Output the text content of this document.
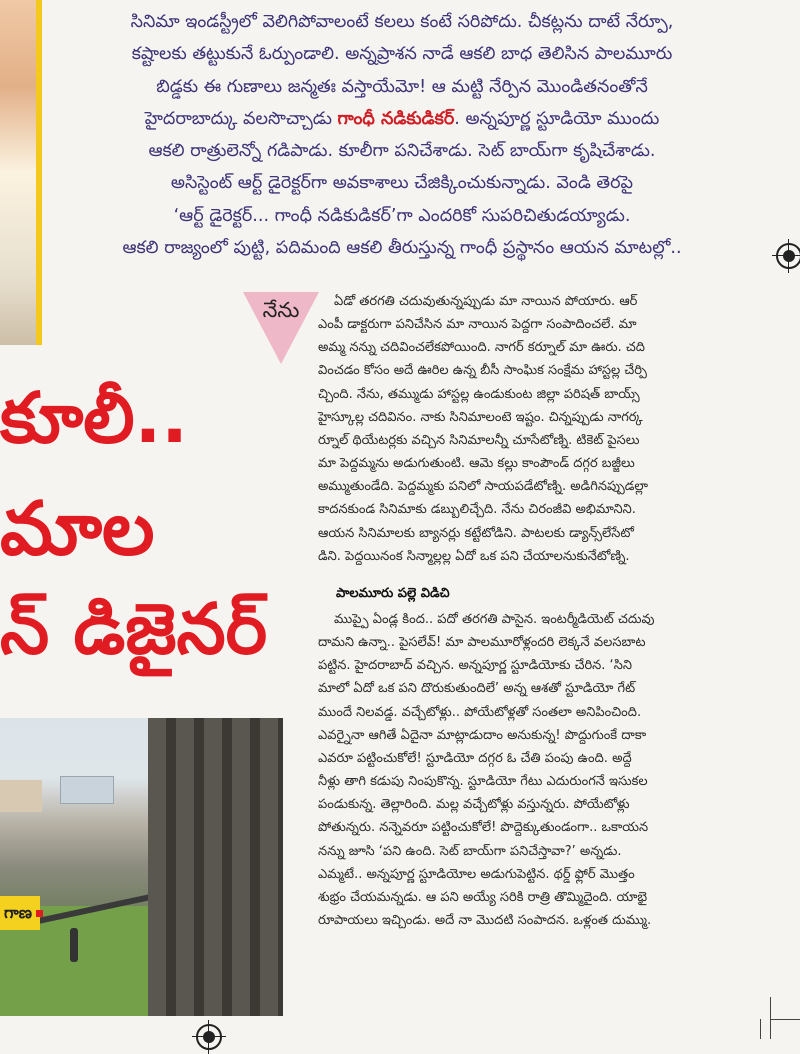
సినిమా ఇండస్ట్రీలో వెలిగిపోవాలంటే కలలు కంటే సరిపోదు. చీకట్లను దాటే నేర్పూ,

కష్టాలకు తట్టుకునే ఓర్పుండాలి. అన్నప్రాశన నాడే ఆకలి బాధ తెలిసిన పాలమూరు

బిడ్డకు ఈ గుణాలు జన్మతః వస్తాయేమో! ఆ మట్టి నేర్పిన మొండితనంతోనే

హైదరాబాద్కు వలసొచ్చాడు గాంధీ నడికుడికర్. అన్నపూర్ణ స్టూడియో ముందు

ఆకలి రాత్రులెన్నో గడిపాడు. కూలీగా పనిచేశాడు. సెట్ బాయ్‌గా కృషిచేశాడు.

అసిస్టెంట్ ఆర్ట్ డైరెక్టర్‌గా అవకాశాలు చేజిక్కించుకున్నాడు. వెండి తెరపై

‘ఆర్ట్ డైరెక్టర్... గాంధీ నడికుడికర్’గా ఎందరికో సుపరిచితుడయ్యాడు.

ఆకలి రాజ్యంలో పుట్టి, పదిమంది ఆకలి తీరుస్తున్న గాంధీ ప్రస్థానం ఆయన మాటల్లో..

నేను
కూలీ..
మాల
న్ డిజైనర్
గాణ

ఏడో తరగతి చదువుతున్నప్పుడు మా నాయిన పోయారు. ఆర్

ఎంపీ డాక్టరుగా పనిచేసిన మా నాయిన పెద్దగా సంపాదించలే. మా

అమ్మ నన్ను చదివించలేకపోయింది. నాగర్ కర్నూల్ మా ఊరు. చది

వించడం కోసం అదే ఊరిల ఉన్న బీసీ సాంఘిక సంక్షేమ హాస్టల్ల చేర్పి

చ్చింది. నేను, తమ్ముడు హాస్టల్ల ఉండుకుంట జిల్లా పరిషత్ బాయ్స్

హైస్కూల్ల చదివినం. నాకు సినిమాలంటె ఇష్టం. చిన్నప్పుడు నాగర్క

ర్నూల్ థియేటర్లకు వచ్చిన సినిమాలన్నీ చూసేటోణ్ని. టికెట్ పైసలు

మా పెద్దమ్మను అడుగుతుంటి. ఆమె కల్లు కాంపౌండ్ దగ్గర బజ్జీలు

అమ్ముతుండేది. పెద్దమ్మకు పనిలో సాయపడేటోణ్ని. అడిగినప్పుడల్లా

కాదనకుండ సినిమాకు డబ్బులిచ్చేది. నేను చిరంజీవి అభిమానిని.

ఆయన సినిమాలకు బ్యానర్లు కట్టేటోడిని. పాటలకు డ్యాన్స్‌లేసేటో

డిని. పెద్దయినంక సిన్మాల్లల్ల ఏదో ఒక పని చేయాలనుకునేటోణ్ని.

పాలమూరు పల్లె విడిచి

ముప్పై ఏండ్ల కింద.. పదో తరగతి పాసైన. ఇంటర్మీడియెట్ చదువు

దామని ఉన్నా.. పైసలేవ్! మా పాలమూరోళ్లందరి లెక్కనే వలసబాట

పట్టిన. హైదరాబాద్ వచ్చిన. అన్నపూర్ణ స్టూడియోకు చేరిన. ‘సిని

మాలో ఏదో ఒక పని దొరుకుతుందిలే’ అన్న ఆశతో స్టూడియో గేట్

ముందే నిలవడ్డ. వచ్చేటోళ్లు.. పోయేటోళ్లతో సంతలా అనిపించింది.

ఎవర్నైనా ఆగితే ఏదైనా మాట్లాడుదాం అనుకున్న! పొద్దుగుంకే దాకా

ఎవరూ పట్టించుకోలే! స్టూడియో దగ్గర ఓ చేతి పంపు ఉంది. అద్దే

నీళ్లు తాగి కడుపు నింపుకొన్న. స్టూడియో గేటు ఎదురుంగనే ఇసుకల

పండుకున్న. తెల్లారింది. మల్ల వచ్చేటోళ్లు వస్తున్నరు. పోయేటోళ్లు

పోతున్నరు. నన్నెవరూ పట్టించుకోలే! పొద్దెక్కుతుండంగా.. ఒకాయన

నన్ను జూసి ‘పని ఉంది. సెట్ బాయ్‌గా పనిచేస్తావా?’ అన్నడు.

ఎమ్మటే.. అన్నపూర్ణ స్టూడియోల అడుగుపెట్టిన. థర్డ్ ఫ్లోర్ మొత్తం

శుభ్రం చేయమన్నడు. ఆ పని అయ్యే సరికి రాత్రి తొమ్మిదైంది. యాభై

రూపాయలు ఇచ్చిండు. అదే నా మొదటి సంపాదన. ఒళ్లంత దుమ్ము.
